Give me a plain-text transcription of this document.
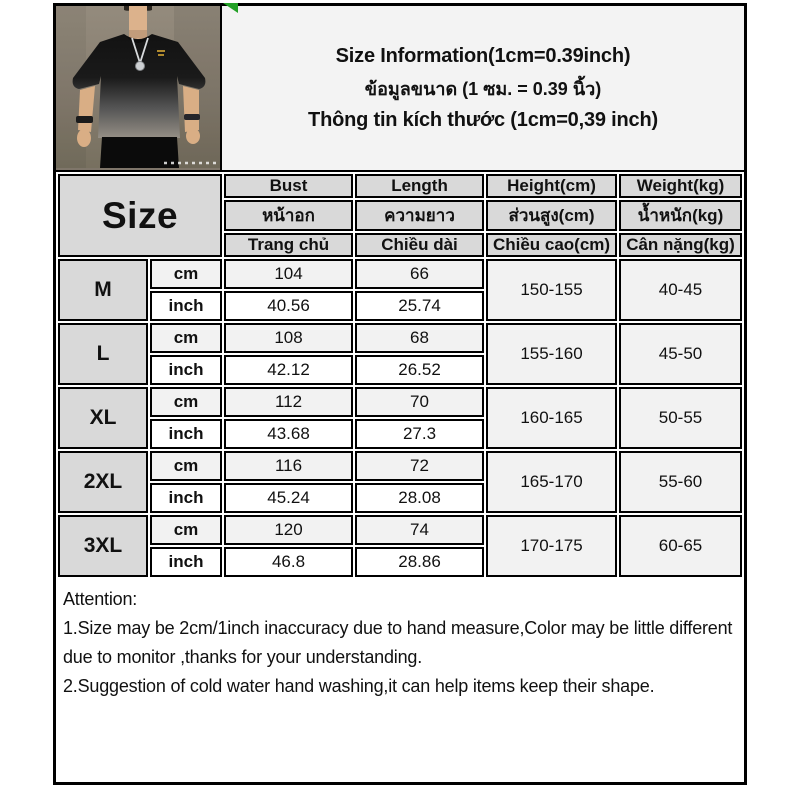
Size Information(1cm=0.39inch)
ข้อมูลขนาด (1 ซม. = 0.39 นิ้ว)
Thông tin kích thước (1cm=0,39 inch)
Size		Bust	Length	Height(cm)	Weight(kg)
		หน้าอก	ความยาว	ส่วนสูง(cm)	น้ำหนัก(kg)
		Trang chủ	Chiều dài	Chiều cao(cm)	Cân nặng(kg)
M	cm	104	66	150-155	40-45
	inch	40.56	25.74		
L	cm	108	68	155-160	45-50
	inch	42.12	26.52		
XL	cm	112	70	160-165	50-55
	inch	43.68	27.3		
2XL	cm	116	72	165-170	55-60
	inch	45.24	28.08		
3XL	cm	120	74	170-175	60-65
	inch	46.8	28.86		
Attention:
1.Size may be 2cm/1inch inaccuracy due to hand measure,Color may be little different due to monitor ,thanks for your understanding.
2.Suggestion of cold water hand washing,it can help items keep their shape.
